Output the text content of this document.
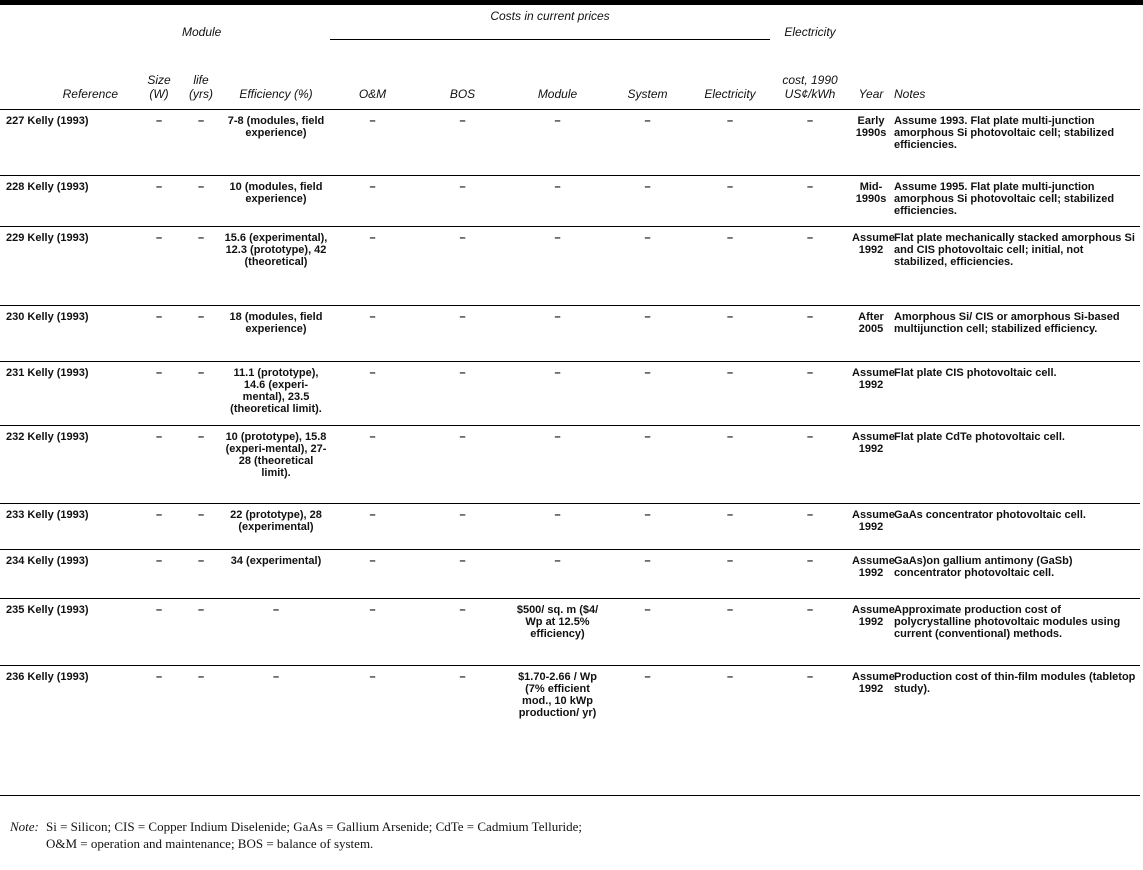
		Module		Costs in current prices					Electricity		
Reference	Size (W)	life (yrs)	Efficiency (%)	O&M	BOS	Module	System	Electricity	cost, 1990 US¢/kWh	Year	Notes
227 Kelly (1993)	–	–	7-8 (modules, field experience)	–	–	–	–	–	–	Early 1990s	Assume 1993. Flat plate multi-junction amorphous Si photovoltaic cell; stabilized efficiencies.
228 Kelly (1993)	–	–	10 (modules, field experience)	–	–	–	–	–	–	Mid-1990s	Assume 1995. Flat plate multi-junction amorphous Si photovoltaic cell; stabilized efficiencies.
229 Kelly (1993)	–	–	15.6 (experimental), 12.3 (prototype), 42 (theoretical)	–	–	–	–	–	–	Assume 1992	Flat plate mechanically stacked amorphous Si and CIS photovoltaic cell; initial, not stabilized, efficiencies.
230 Kelly (1993)	–	–	18 (modules, field experience)	–	–	–	–	–	–	After 2005	Amorphous Si/ CIS or amorphous Si-based multijunction cell; stabilized efficiency.
231 Kelly (1993)	–	–	11.1 (prototype), 14.6 (experi-mental), 23.5 (theoretical limit).	–	–	–	–	–	–	Assume 1992	Flat plate CIS photovoltaic cell.
232 Kelly (1993)	–	–	10 (prototype), 15.8 (experi-mental), 27-28 (theoretical limit).	–	–	–	–	–	–	Assume 1992	Flat plate CdTe photovoltaic cell.
233 Kelly (1993)	–	–	22 (prototype), 28 (experimental)	–	–	–	–	–	–	Assume 1992	GaAs concentrator photovoltaic cell.
234 Kelly (1993)	–	–	34 (experimental)	–	–	–	–	–	–	Assume 1992	GaAs)on gallium antimony (GaSb) concentrator photovoltaic cell.
235 Kelly (1993)	–	–	–	–	–	$500/ sq. m ($4/ Wp at 12.5% efficiency)	–	–	–	Assume 1992	Approximate production cost of polycrystalline photovoltaic modules using current (conventional) methods.
236 Kelly (1993)	–	–	–	–	–	$1.70-2.66 / Wp (7% efficient mod., 10 kWp production/ yr)	–	–	–	Assume 1992	Production cost of thin-film modules (tabletop study).
Note: Si = Silicon; CIS = Copper Indium Diselenide; GaAs = Gallium Arsenide; CdTe = Cadmium Telluride;
O&M = operation and maintenance; BOS = balance of system.
